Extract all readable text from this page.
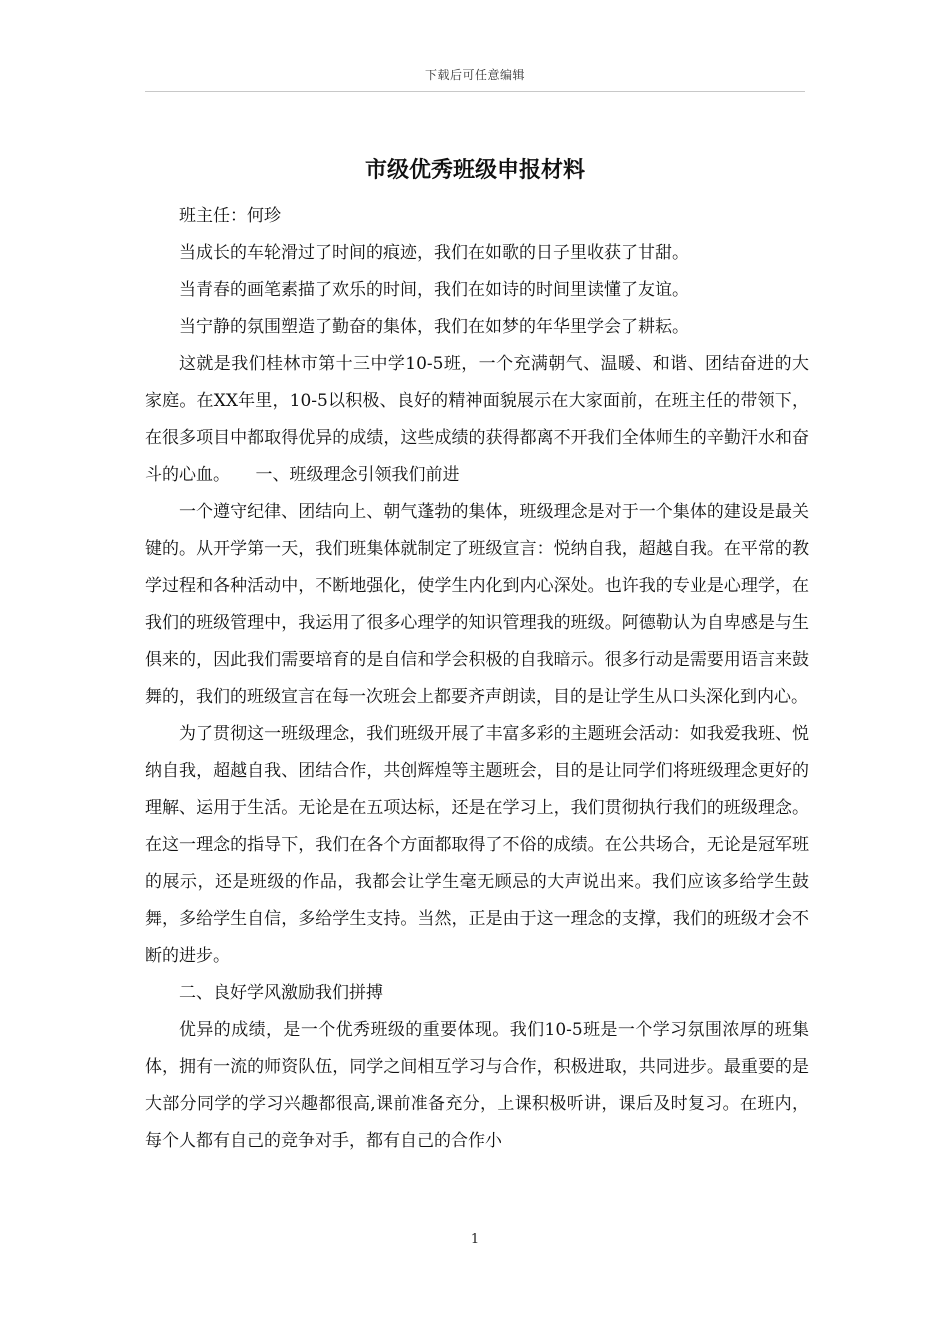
下载后可任意编辑
市级优秀班级申报材料

班主任：何珍

当成长的车轮滑过了时间的痕迹，我们在如歌的日子里收获了甘甜。

当青春的画笔素描了欢乐的时间，我们在如诗的时间里读懂了友谊。

当宁静的氛围塑造了勤奋的集体，我们在如梦的年华里学会了耕耘。

这就是我们桂林市第十三中学10-5班，一个充满朝气、温暖、和谐、团结奋进的大家庭。在XX年里，10-5以积极、良好的精神面貌展示在大家面前，在班主任的带领下，在很多项目中都取得优异的成绩，这些成绩的获得都离不开我们全体师生的辛勤汗水和奋斗的心血。　　一、班级理念引领我们前进

一个遵守纪律、团结向上、朝气蓬勃的集体，班级理念是对于一个集体的建设是最关键的。从开学第一天，我们班集体就制定了班级宣言：悦纳自我，超越自我。在平常的教学过程和各种活动中，不断地强化，使学生内化到内心深处。也许我的专业是心理学，在我们的班级管理中，我运用了很多心理学的知识管理我的班级。阿德勒认为自卑感是与生俱来的，因此我们需要培育的是自信和学会积极的自我暗示。很多行动是需要用语言来鼓舞的，我们的班级宣言在每一次班会上都要齐声朗读，目的是让学生从口头深化到内心。

为了贯彻这一班级理念，我们班级开展了丰富多彩的主题班会活动：如我爱我班、悦纳自我，超越自我、团结合作，共创辉煌等主题班会，目的是让同学们将班级理念更好的理解、运用于生活。无论是在五项达标，还是在学习上，我们贯彻执行我们的班级理念。在这一理念的指导下，我们在各个方面都取得了不俗的成绩。在公共场合，无论是冠军班的展示，还是班级的作品，我都会让学生毫无顾忌的大声说出来。我们应该多给学生鼓舞，多给学生自信，多给学生支持。当然，正是由于这一理念的支撑，我们的班级才会不断的进步。

二、良好学风激励我们拼搏

优异的成绩，是一个优秀班级的重要体现。我们10-5班是一个学习氛围浓厚的班集体，拥有一流的师资队伍，同学之间相互学习与合作，积极进取，共同进步。最重要的是大部分同学的学习兴趣都很高,课前准备充分，上课积极听讲，课后及时复习。在班内，每个人都有自己的竞争对手，都有自己的合作小

1
